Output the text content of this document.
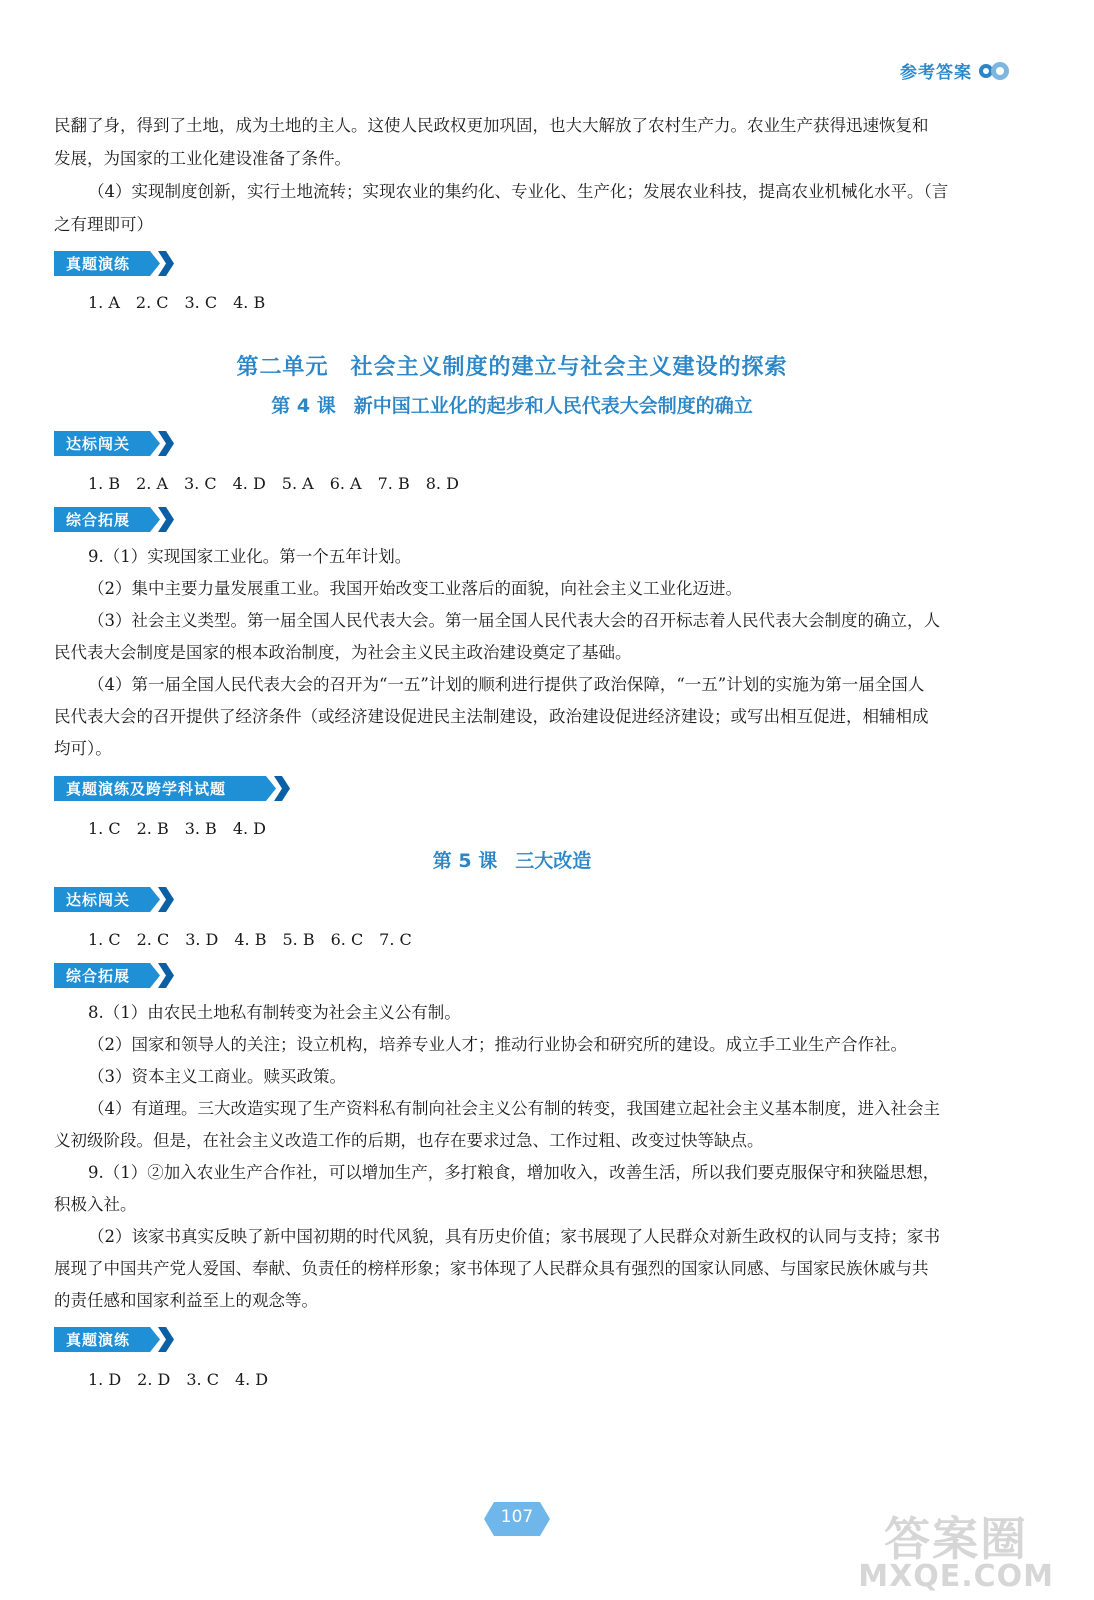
参考答案
民翻了身，得到了土地，成为土地的主人。这使人民政权更加巩固，也大大解放了农村生产力。农业生产获得迅速恢复和
发展，为国家的工业化建设准备了条件。
（4）实现制度创新，实行土地流转；实现农业的集约化、专业化、生产化；发展农业科技，提高农业机械化水平。（言
之有理即可）
真题演练
1. A　2. C　3. C　4. B
第二单元 社会主义制度的建立与社会主义建设的探索
第 4 课 新中国工业化的起步和人民代表大会制度的确立
达标闯关
1. B　2. A　3. C　4. D　5. A　6. A　7. B　8. D
综合拓展
9.（1）实现国家工业化。第一个五年计划。
（2）集中主要力量发展重工业。我国开始改变工业落后的面貌，向社会主义工业化迈进。
（3）社会主义类型。第一届全国人民代表大会。第一届全国人民代表大会的召开标志着人民代表大会制度的确立，人
民代表大会制度是国家的根本政治制度，为社会主义民主政治建设奠定了基础。
（4）第一届全国人民代表大会的召开为“一五”计划的顺利进行提供了政治保障，“一五”计划的实施为第一届全国人
民代表大会的召开提供了经济条件（或经济建设促进民主法制建设，政治建设促进经济建设；或写出相互促进，相辅相成
均可）。
真题演练及跨学科试题
1. C　2. B　3. B　4. D
第 5 课 三大改造
达标闯关
1. C　2. C　3. D　4. B　5. B　6. C　7. C
综合拓展
8.（1）由农民土地私有制转变为社会主义公有制。
（2）国家和领导人的关注；设立机构，培养专业人才；推动行业协会和研究所的建设。成立手工业生产合作社。
（3）资本主义工商业。赎买政策。
（4）有道理。三大改造实现了生产资料私有制向社会主义公有制的转变，我国建立起社会主义基本制度，进入社会主
义初级阶段。但是，在社会主义改造工作的后期，也存在要求过急、工作过粗、改变过快等缺点。
9.（1）②加入农业生产合作社，可以增加生产，多打粮食，增加收入，改善生活，所以我们要克服保守和狭隘思想，
积极入社。
（2）该家书真实反映了新中国初期的时代风貌，具有历史价值；家书展现了人民群众对新生政权的认同与支持；家书
展现了中国共产党人爱国、奉献、负责任的榜样形象；家书体现了人民群众具有强烈的国家认同感、与国家民族休戚与共
的责任感和国家利益至上的观念等。
真题演练
1. D　2. D　3. C　4. D
107	答案圈
MXQE.COM
